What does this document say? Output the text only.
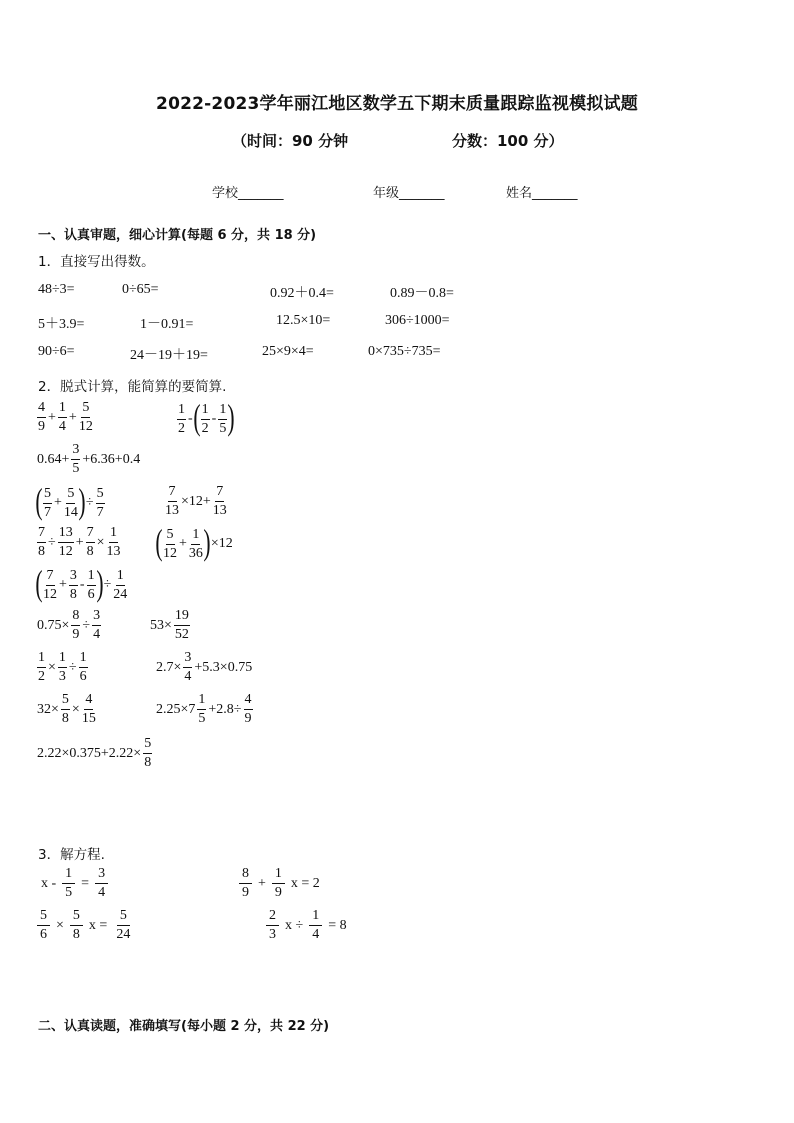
2022-2023学年丽江地区数学五下期末质量跟踪监视模拟试题
（时间：90 分钟	分数：100 分）
学校_______	年级_______	姓名_______
一、认真审题，细心计算(每题 6 分，共 18 分)
1．直接写出得数。
48÷3=	0÷65=	0.92＋0.4=	0.89－0.8=
5＋3.9=	1－0.91=	12.5×10=	306÷1000=
90÷6=	24－19＋19=	25×9×4=	0×735÷735=
2．脱式计算，能简算的要简算.
$\frac{4}{9} + \frac{1}{4} + \frac{5}{12}$	$\frac{1}{2}$ - ( $\frac{1}{2} - \frac{1}{5}$ )
$0.64+ \frac{3}{5} +6.36+0.4$
( $\frac{5}{7} + \frac{5}{14}$ ) ÷ $\frac{5}{7}$	$\frac{7}{13} \times 12+ \frac{7}{13}$
$\frac{7}{8} \div \frac{13}{12} + \frac{7}{8} \times \frac{1}{13}$ ( $\frac{5}{12} + \frac{1}{36}$ ) ×12
( $\frac{7}{12} + \frac{3}{8} - \frac{1}{6}$ ) ÷ $\frac{1}{24}$
$0.75\times \frac{8}{9} \div \frac{3}{4}$	$53\times \frac{19}{52}$
$\frac{1}{2} \times \frac{1}{3} \div \frac{1}{6}$	$2.7\times \frac{3}{4} +5.3\times 0.75$
$32\times \frac{5}{8} \times \frac{4}{15}$	$2.25\times 7 \frac{1}{5} +2.8\div \frac{4}{9}$
$2.22\times 0.375+2.22\times \frac{5}{8}$
3．解方程.
$x - \frac{1}{5} = \frac{3}{4}$	$\frac{8}{9} + \frac{1}{9}$ x = 2
$\frac{5}{6} \times \frac{5}{8}$ $x = \frac{5}{24}$	$\frac{2}{3}$ $x \div \frac{1}{4} = 8$
二、认真读题，准确填写(每小题 2 分，共 22 分)
